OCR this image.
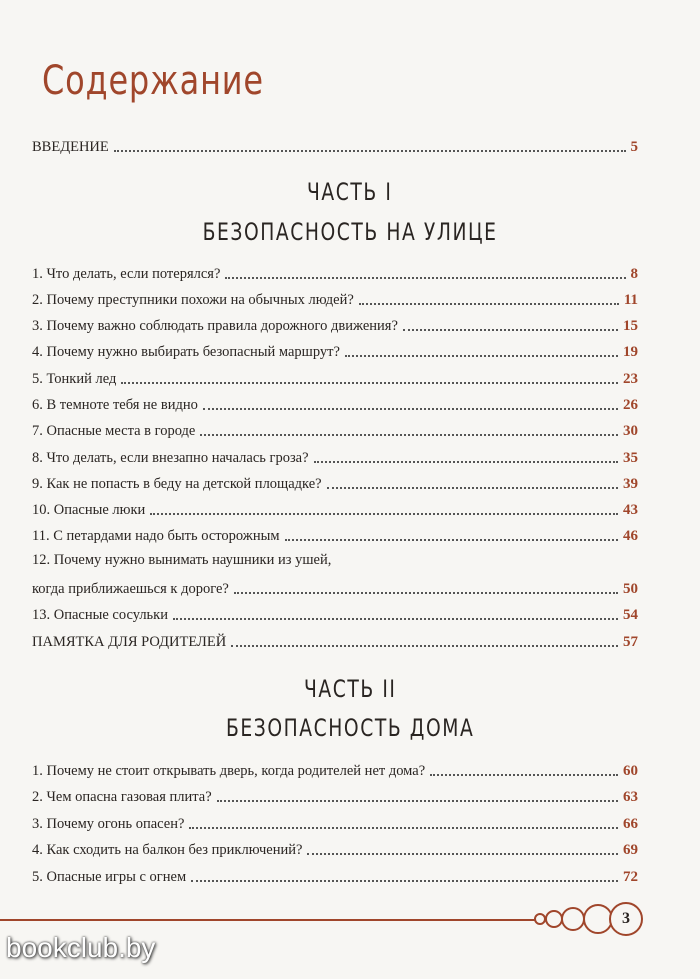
Содержание
ВВЕДЕНИЕ	5
ЧАСТЬ I
БЕЗОПАСНОСТЬ НА УЛИЦЕ
1. Что делать, если потерялся?	8
2. Почему преступники похожи на обычных людей?	11
3. Почему важно соблюдать правила дорожного движения?	15
4. Почему нужно выбирать безопасный маршрут?	19
5. Тонкий лед	23
6. В темноте тебя не видно	26
7. Опасные места в городе	30
8. Что делать, если внезапно началась гроза?	35
9. Как не попасть в беду на детской площадке?	39
10. Опасные люки	43
11. С петардами надо быть осторожным	46
12. Почему нужно вынимать наушники из ушей,
когда приближаешься к дороге?	50
13. Опасные сосульки	54
ПАМЯТКА ДЛЯ РОДИТЕЛЕЙ	57
ЧАСТЬ II
БЕЗОПАСНОСТЬ ДОМА
1. Почему не стоит открывать дверь, когда родителей нет дома?	60
2. Чем опасна газовая плита?	63
3. Почему огонь опасен?	66
4. Как сходить на балкон без приключений?	69
5. Опасные игры с огнем	72
3
bookclub.by
